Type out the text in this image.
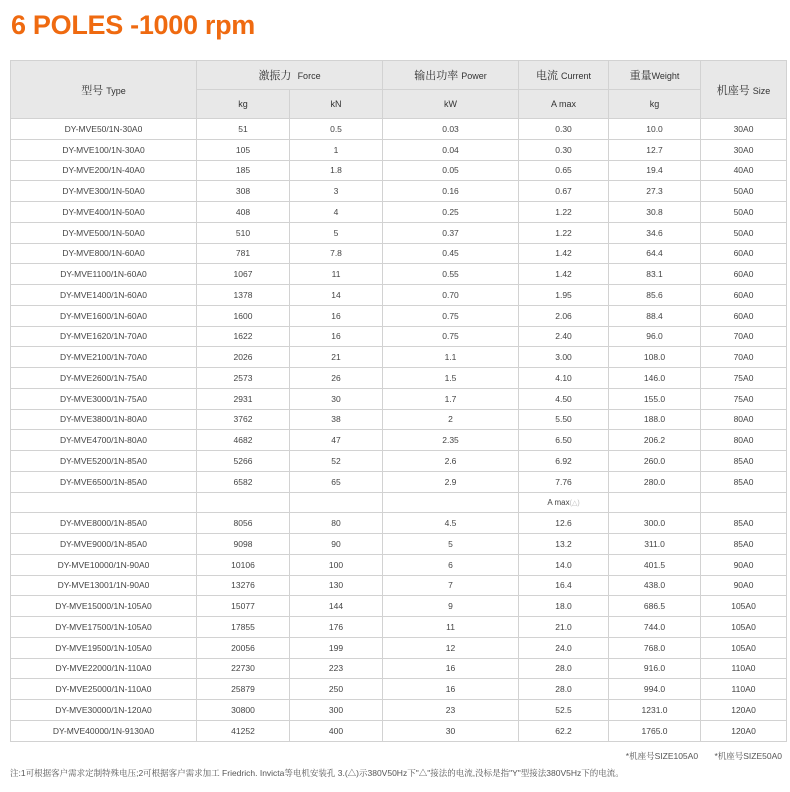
6 POLES -1000 rpm
型号 Type	激振力 Force		输出功率 Power	电流 Current	重量Weight	机座号 Size
	kg	kN	kW	A max	kg	
DY-MVE50/1N-30A0	51	0.5	0.03	0.30	10.0	30A0
DY-MVE100/1N-30A0	105	1	0.04	0.30	12.7	30A0
DY-MVE200/1N-40A0	185	1.8	0.05	0.65	19.4	40A0
DY-MVE300/1N-50A0	308	3	0.16	0.67	27.3	50A0
DY-MVE400/1N-50A0	408	4	0.25	1.22	30.8	50A0
DY-MVE500/1N-50A0	510	5	0.37	1.22	34.6	50A0
DY-MVE800/1N-60A0	781	7.8	0.45	1.42	64.4	60A0
DY-MVE1100/1N-60A0	1067	11	0.55	1.42	83.1	60A0
DY-MVE1400/1N-60A0	1378	14	0.70	1.95	85.6	60A0
DY-MVE1600/1N-60A0	1600	16	0.75	2.06	88.4	60A0
DY-MVE1620/1N-70A0	1622	16	0.75	2.40	96.0	70A0
DY-MVE2100/1N-70A0	2026	21	1.1	3.00	108.0	70A0
DY-MVE2600/1N-75A0	2573	26	1.5	4.10	146.0	75A0
DY-MVE3000/1N-75A0	2931	30	1.7	4.50	155.0	75A0
DY-MVE3800/1N-80A0	3762	38	2	5.50	188.0	80A0
DY-MVE4700/1N-80A0	4682	47	2.35	6.50	206.2	80A0
DY-MVE5200/1N-85A0	5266	52	2.6	6.92	260.0	85A0
DY-MVE6500/1N-85A0	6582	65	2.9	7.76	280.0	85A0
				A max(△)		
DY-MVE8000/1N-85A0	8056	80	4.5	12.6	300.0	85A0
DY-MVE9000/1N-85A0	9098	90	5	13.2	311.0	85A0
DY-MVE10000/1N-90A0	10106	100	6	14.0	401.5	90A0
DY-MVE13001/1N-90A0	13276	130	7	16.4	438.0	90A0
DY-MVE15000/1N-105A0	15077	144	9	18.0	686.5	105A0
DY-MVE17500/1N-105A0	17855	176	11	21.0	744.0	105A0
DY-MVE19500/1N-105A0	20056	199	12	24.0	768.0	105A0
DY-MVE22000/1N-110A0	22730	223	16	28.0	916.0	110A0
DY-MVE25000/1N-110A0	25879	250	16	28.0	994.0	110A0
DY-MVE30000/1N-120A0	30800	300	23	52.5	1231.0	120A0
DY-MVE40000/1N-9130A0	41252	400	30	62.2	1765.0	120A0
*机座号SIZE105A0 *机座号SIZE50A0
注:1可根据客户需求定制特殊电压;2可根据客户需求加工 Friedrich. Invicta等电机安装孔 3.(△)示380V50Hz下"△"接法的电流,没标是指"Y"型接法380V5Hz下的电流。
